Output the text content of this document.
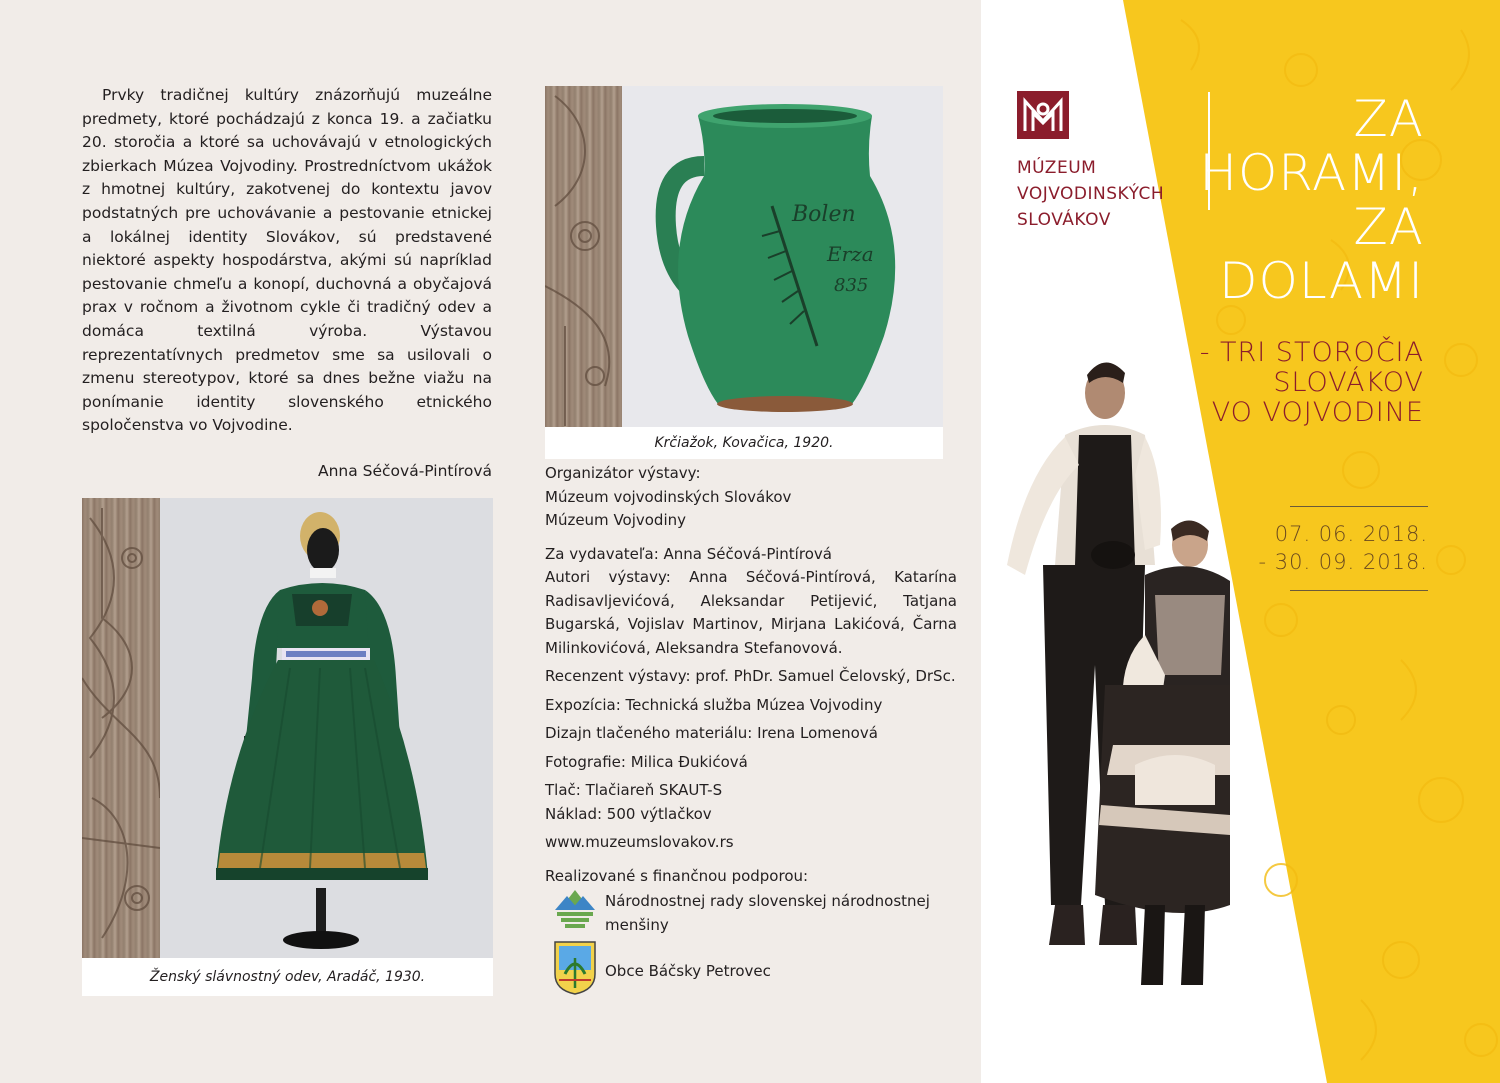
Prvky tradičnej kultúry znázorňujú muzeálne predmety, ktoré pochádzajú z konca 19. a začiatku 20. storočia a ktoré sa uchovávajú v etnologických zbierkach Múzea Vojvodiny. Prostredníctvom ukážok z hmotnej kultúry, zakotvenej do kontextu javov podstatných pre uchovávanie a pestovanie etnickej a lokálnej identity Slovákov, sú predstavené niektoré aspekty hospodárstva, akými sú napríklad pestovanie chmeľu a konopí, duchovná a obyčajová prax v ročnom a životnom cykle či tradičný odev a domáca textilná výroba. Výstavou reprezentatívnych predmetov sme sa usilovali o zmenu stereotypov, ktoré sa dnes bežne viažu na ponímanie identity slovenského etnického spoločenstva vo Vojvodine.

Anna Séčová-Pintírová
Ženský slávnostný odev, Aradáč, 1930.
Bolen
Erza
835
Krčiažok, Kovačica, 1920.

Organizátor výstavy:

Múzeum vojvodinských Slovákov

Múzeum Vojvodiny

Za vydavateľa: Anna Séčová-Pintírová

Autori výstavy: Anna Séčová-Pintírová, Katarína Radisavljevićová, Aleksandar Petijević, Tatjana Bugarská, Vojislav Martinov, Mirjana Lakićová, Čarna Milinkovićová, Aleksandra Stefanovová.

Recenzent výstavy: prof. PhDr. Samuel Čelovský, DrSc.

Expozícia: Technická služba Múzea Vojvodiny

Dizajn tlačeného materiálu: Irena Lomenová

Fotografie: Milica Đukićová

Tlač: Tlačiareň SKAUT-S

Náklad: 500 výtlačkov

www.muzeumslovakov.rs

Realizované s finančnou podporou:

Národnostnej rady slovenskej národnostnej menšiny
Obce Báčsky Petrovec
MÚZEUM
VOJVODINSKÝCH
SLOVÁKOV
ZA
HORAMI,
ZA
DOLAMI
- TRI STOROČIA
SLOVÁKOV
VO VOJVODINE
07. 06. 2018.
- 30. 09. 2018.
